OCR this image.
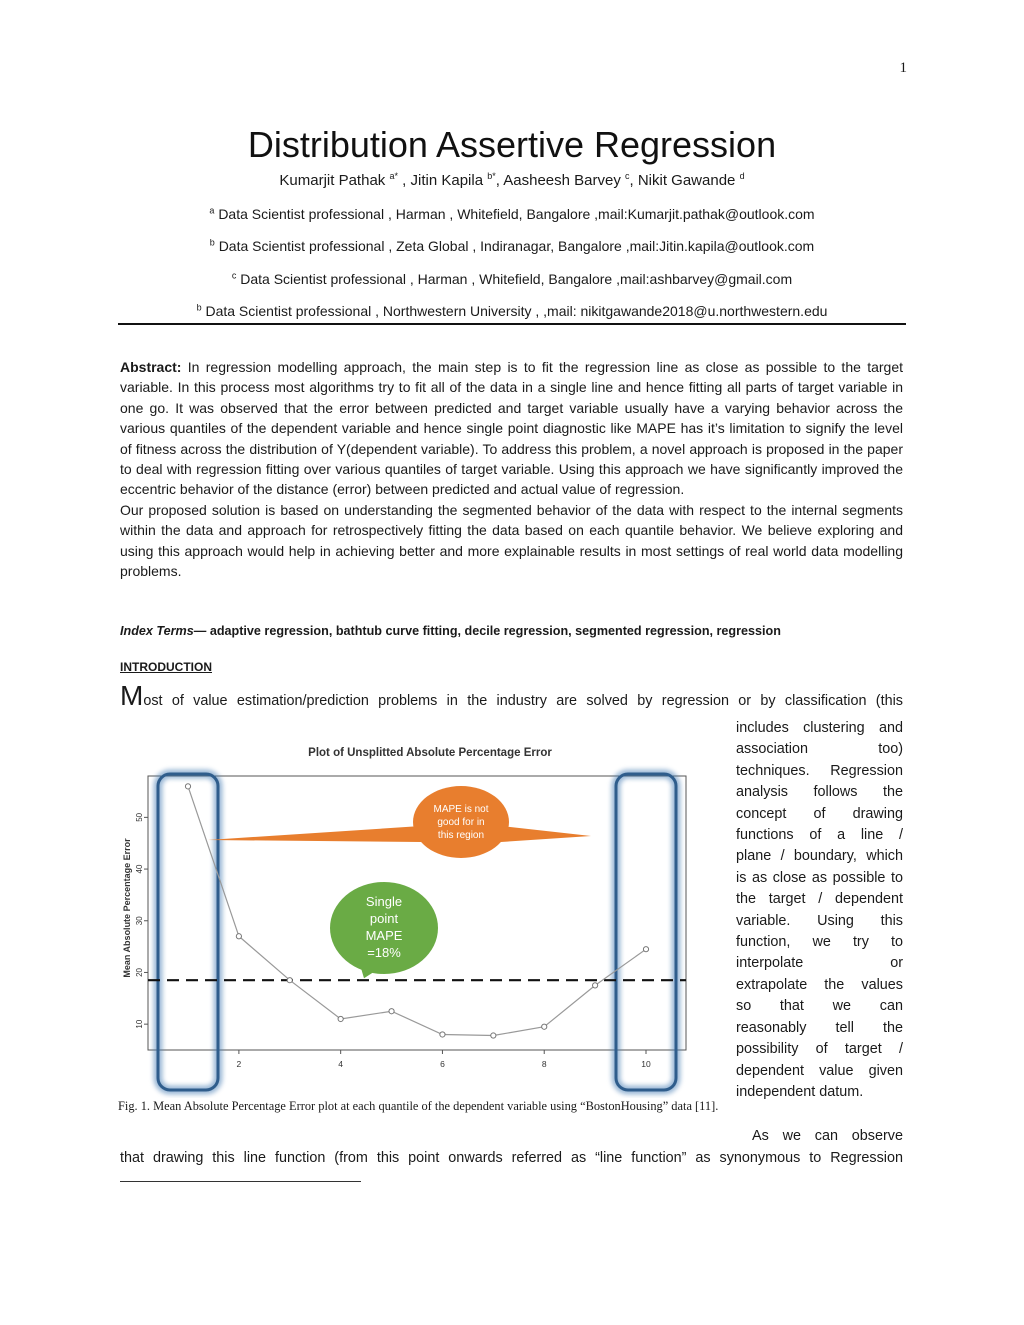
1
Distribution Assertive Regression
Kumarjit Pathak $^{a*}$ , Jitin Kapila $^{b*}$, Aasheesh Barvey $^c$, Nikit Gawande $^d$
$^a$ Data Scientist professional , Harman , Whitefield, Bangalore ,mail:Kumarjit.pathak@outlook.com
$^b$ Data Scientist professional , Zeta Global , Indiranagar, Bangalore ,mail:Jitin.kapila@outlook.com
$^c$ Data Scientist professional , Harman , Whitefield, Bangalore ,mail:ashbarvey@gmail.com
$^b$ Data Scientist professional , Northwestern University , ,mail: nikitgawande2018@u.northwestern.edu

Abstract: In regression modelling approach, the main step is to fit the regression line as close as possible to the target variable. In this process most algorithms try to fit all of the data in a single line and hence fitting all parts of target variable in one go. It was observed that the error between predicted and target variable usually have a varying behavior across the various quantiles of the dependent variable and hence single point diagnostic like MAPE has it’s limitation to signify the level of fitness across the distribution of Y(dependent variable). To address this problem, a novel approach is proposed in the paper to deal with regression fitting over various quantiles of target variable. Using this approach we have significantly improved the eccentric behavior of the distance (error) between predicted and actual value of regression.

Our proposed solution is based on understanding the segmented behavior of the data with respect to the internal segments within the data and approach for retrospectively fitting the data based on each quantile behavior. We believe exploring and using this approach would help in achieving better and more explainable results in most settings of real world data modelling problems.

Index Terms— adaptive regression, bathtub curve fitting, decile regression, segmented regression, regression
INTRODUCTION
Most of value estimation/prediction problems in the industry are solved by regression or by classification (this
includes clustering and
association too)
techniques. Regression
analysis follows the
concept of drawing
functions of a line /
plane / boundary, which
is as close as possible to
the target / dependent
variable. Using this
function, we try to
interpolate or
extrapolate the values
so that we can
reasonably tell the
possibility of target /
dependent value given
independent datum.
As we can observe
that drawing this line function (from this point onwards referred as “line function” as synonymous to Regression
10
20
30
40
50
2	4	6	8	10
MAPE is not
good for in
this region
Single
point
MAPE
=18%
Plot of Unsplitted Absolute Percentage Error
Mean Absolute Percentage Error
Fig. 1. Mean Absolute Percentage Error plot at each quantile of the dependent variable using “BostonHousing” data [11].
